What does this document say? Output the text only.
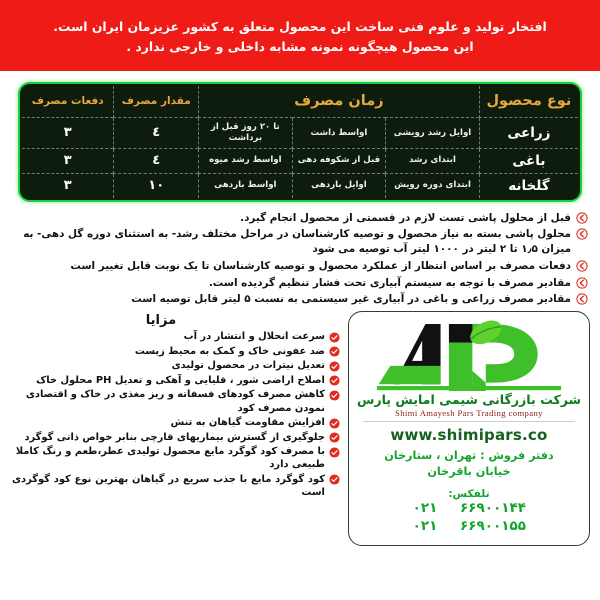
افتخار تولید و علوم فنی ساخت این محصول متعلق به کشور عزیزمان ایران است.
این محصول هیچگونه نمونه مشابه داخلی و خارجی ندارد .
نوع محصول	زمان مصرف			مقدار مصرف	دفعات مصرف
زراعی	اوایل رشد رویشی	اواسط داشت	تا ۲۰ روز قبل از برداشت	٤	۳
باغی	ابتدای رشد	قبل از شکوفه دهی	اواسط رشد میوه	٤	۳
گلخانه	ابتدای دوره رویش	اوایل باردهی	اواسط باردهی	۱۰	۳
قبل از محلول پاشی تست لازم در قسمتی از محصول انجام گیرد.
محلول پاشی بسته به نیاز محصول و توصیه کارشناسان در مراحل مختلف رشد- به استثنای دوره گل دهی- به میزان ۱٫۵ تا ۲ لیتر در ۱۰۰۰ لیتر آب توصیه می شود
دفعات مصرف بر اساس انتظار از عملکرد محصول و توصیه کارشناسان تا یک نوبت قابل تغییر است
مقادیر مصرف با توجه به سیستم آبیاری تحت فشار تنظیم گردیده است.
مقادیر مصرف زراعی و باغی در آبیاری غیر سیستمی به نسبت ۵ لیتر قابل توصیه است
مزایا
سرعت انحلال و انتشار در آب
ضد عفونی خاک و کمک به محیط زیست
تعدیل نیترات در محصول تولیدی
اصلاح اراضی شور ، قلیایی و آهکی و تعدیل PH محلول خاک
کاهش مصرف کودهای فسفاته و ریز مغذی در خاک و اقتصادی نمودن مصرف کود
افزایش مقاومت گیاهان به تنش
جلوگیری از گسترش بیماریهای قارچی بنابر خواص ذاتی گوگرد
با مصرف کود گوگرد مایع محصول تولیدی عطر،طعم و رنگ کاملا طبیعی دارد
کود گوگرد مایع با جذب سریع در گیاهان بهترین نوع کود گوگردی است
شرکت بازرگانی شیمی امایش پارس
Shimi Amayesh Pars Trading company
www.shimipars.co
دفتر فروش : تهران ، ستارخان
خیابان باقرخان
تلفکس:
۰۲۱ ۶۶۹۰۰۱۴۴
۰۲۱ ۶۶۹۰۰۱۵۵
